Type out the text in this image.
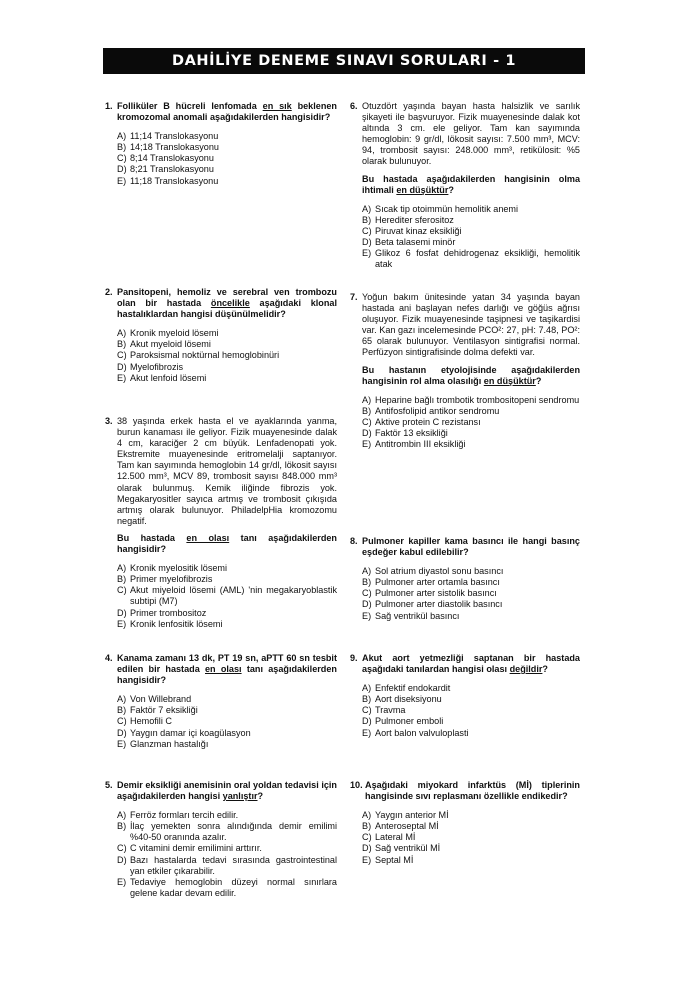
DAHİLİYE DENEME SINAVI SORULARI - 1
1. Folliküler B hücreli lenfomada en sık beklenen kromozomal anomali aşağıdakilerden hangisidir?
A) 11;14 Translokasyonu
B) 14;18 Translokasyonu
C) 8;14 Translokasyonu
D) 8;21 Translokasyonu
E) 11;18 Translokasyonu
2. Pansitopeni, hemoliz ve serebral ven trombozu olan bir hastada öncelikle aşağıdaki klonal hastalıklardan hangisi düşünülmelidir?
A) Kronik myeloid lösemi
B) Akut myeloid lösemi
C) Paroksismal noktürnal hemoglobinüri
D) Myelofibrozis
E) Akut lenfoid lösemi
3. 38 yaşında erkek hasta el ve ayaklarında yanma, burun kanaması ile geliyor. Fizik muayenesinde dalak 4 cm, karaciğer 2 cm büyük. Lenfadenopati yok. Ekstremite muayenesinde eritromelalji saptanıyor. Tam kan sayımında hemoglobin 14 gr/dl, lökosit sayısı 12.500 mm³, MCV 89, trombosit sayısı 848.000 mm³ olarak bulunmuş. Kemik iliğinde fibrozis yok. Megakaryositler sayıca artmış ve trombosit çıkışıda artmış olarak bulunuyor. PhiladelpHia kromozomu negatif.
Bu hastada en olası tanı aşağıdakilerden hangisidir?
A) Kronik myelositik lösemi
B) Primer myelofibrozis
C) Akut miyeloid lösemi (AML) 'nin megakaryoblastik subtipi (M7)
D) Primer trombositoz
E) Kronik lenfositik lösemi
4. Kanama zamanı 13 dk, PT 19 sn, aPTT 60 sn tesbit edilen bir hastada en olası tanı aşağıdakilerden hangisidir?
A) Von Willebrand
B) Faktör 7 eksikliği
C) Hemofili C
D) Yaygın damar içi koagülasyon
E) Glanzman hastalığı
5. Demir eksikliği anemisinin oral yoldan tedavisi için aşağıdakilerden hangisi yanlıştır?
A) Ferröz formları tercih edilir.
B) İlaç yemekten sonra alındığında demir emilimi %40-50 oranında azalır.
C) C vitamini demir emilimini arttırır.
D) Bazı hastalarda tedavi sırasında gastrointestinal yan etkiler çıkarabilir.
E) Tedaviye hemoglobin düzeyi normal sınırlara gelene kadar devam edilir.
6. Otuzdört yaşında bayan hasta halsizlik ve sarılık şikayeti ile başvuruyor. Fizik muayenesinde dalak kot altında 3 cm. ele geliyor. Tam kan sayımında hemoglobin: 9 gr/dl, lökosit sayısı: 7.500 mm³, MCV: 94, trombosit sayısı: 248.000 mm³, retikülosit: %5 olarak bulunuyor.
Bu hastada aşağıdakilerden hangisinin olma ihtimali en düşüktür?
A) Sıcak tip otoimmün hemolitik anemi
B) Herediter sferositoz
C) Piruvat kinaz eksikliği
D) Beta talasemi minör
E) Glikoz 6 fosfat dehidrogenaz eksikliği, hemolitik atak
7. Yoğun bakım ünitesinde yatan 34 yaşında bayan hastada ani başlayan nefes darlığı ve göğüs ağrısı oluşuyor. Fizik muayenesinde taşipnesi ve taşikardisi var. Kan gazı incelemesinde PCO²: 27, pH: 7.48, PO²: 65 olarak bulunuyor. Ventilasyon sintigrafisi normal. Perfüzyon sintigrafisinde dolma defekti var.
Bu hastanın etyolojisinde aşağıdakilerden hangisinin rol alma olasılığı en düşüktür?
A) Heparine bağlı trombotik trombositopeni sendromu
B) Antifosfolipid antikor sendromu
C) Aktive protein C rezistansı
D) Faktör 13 eksikliği
E) Antitrombin III eksikliği
8. Pulmoner kapiller kama basıncı ile hangi basınç eşdeğer kabul edilebilir?
A) Sol atrium diyastol sonu basıncı
B) Pulmoner arter ortamla basıncı
C) Pulmoner arter sistolik basıncı
D) Pulmoner arter diastolik basıncı
E) Sağ ventrikül basıncı
9. Akut aort yetmezliği saptanan bir hastada aşağıdaki tanılardan hangisi olası değildir?
A) Enfektif endokardit
B) Aort diseksiyonu
C) Travma
D) Pulmoner emboli
E) Aort balon valvuloplasti
10. Aşağıdaki miyokard infarktüs (Mİ) tiplerinin hangisinde sıvı replasmanı özellikle endikedir?
A) Yaygın anterior Mİ
B) Anteroseptal Mİ
C) Lateral Mİ
D) Sağ ventrikül Mİ
E) Septal Mİ
